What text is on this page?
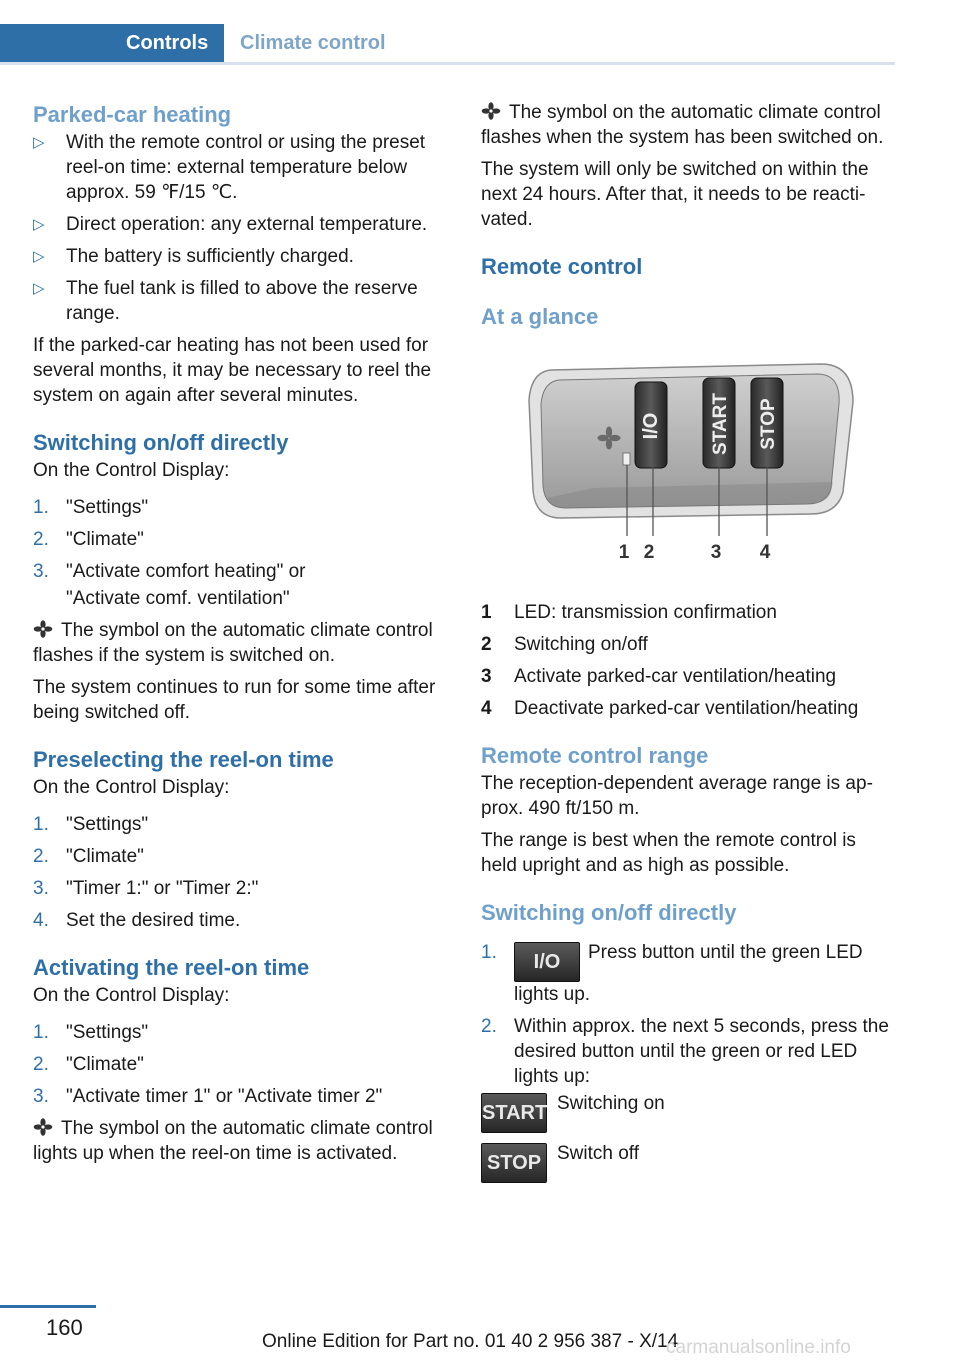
Controls	Climate control
Parked-car heating
▷	With the remote control or using the preset reel-on time: external temperature below approx. 59 ℉/15 ℃.
▷	Direct operation: any external temperature.
▷	The battery is sufficiently charged.
▷	The fuel tank is filled to above the reserve range.

If the parked-car heating has not been used for several months, it may be necessary to reel the system on again after several minutes.

Switching on/off directly

On the Control Display:

1. "Settings"
2. "Climate"
3. "Activate comfort heating" or
"Activate comf. ventilation"

The symbol on the automatic climate control flashes if the system is switched on.

The system continues to run for some time after being switched off.

Preselecting the reel-on time

On the Control Display:

1. "Settings"
2. "Climate"
3. "Timer 1:" or "Timer 2:"
4. Set the desired time.
Activating the reel-on time

On the Control Display:

1. "Settings"
2. "Climate"
3. "Activate timer 1" or "Activate timer 2"

The symbol on the automatic climate control lights up when the reel-on time is activated.

The symbol on the automatic climate control flashes when the system has been switched on.

The system will only be switched on within the next 24 hours. After that, it needs to be reactivated.

Remote control
At a glance
I/O	START STOP
1 2	3 4
1	LED: transmission confirmation
2	Switching on/off
3	Activate parked-car ventilation/heating
4	Deactivate parked-car ventilation/heating
Remote control range

The reception-dependent average range is approx. 490 ft/150 m.

The range is best when the remote control is held upright and as high as possible.

Switching on/off directly
1.	I/O Press button until the green LED lights up.
2. Within approx. the next 5 seconds, press the desired button until the green or red LED lights up:
START Switching on
STOP Switch off
160
Online Edition for Part no. 01 40 2 956 387 - X/14
carmanualsonline.info
